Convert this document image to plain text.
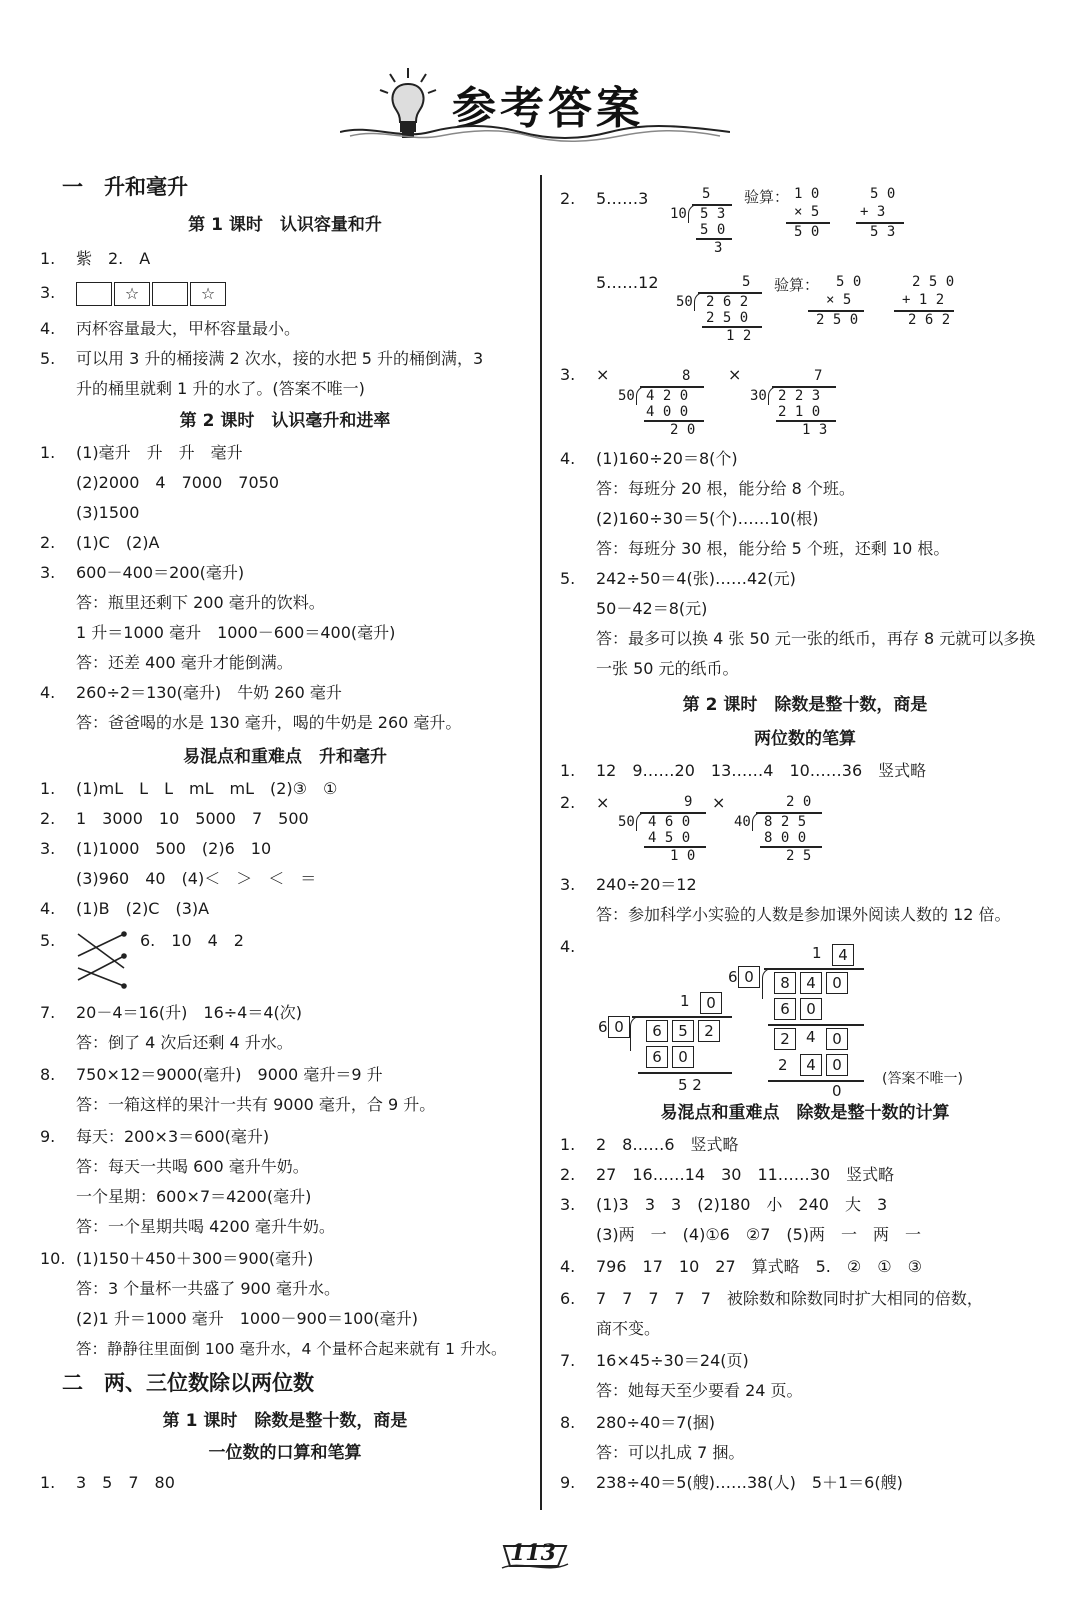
参考答案
一　升和毫升
第 1 课时　认识容量和升
1. 紫　2.　A
3.	☆	☆
4. 丙杯容量最大，甲杯容量最小。
5. 可以用 3 升的桶接满 2 次水，接的水把 5 升的桶倒满，3
升的桶里就剩 1 升的水了。(答案不唯一)
第 2 课时　认识毫升和进率
1. (1)毫升　升　升　毫升
(2)2000　4　7000　7050
(3)1500
2. (1)C　(2)A
3. 600－400＝200(毫升)
答：瓶里还剩下 200 毫升的饮料。
1 升＝1000 毫升　1000－600＝400(毫升)
答：还差 400 毫升才能倒满。
4. 260÷2＝130(毫升)　牛奶 260 毫升
答：爸爸喝的水是 130 毫升，喝的牛奶是 260 毫升。
易混点和重难点　升和毫升
1. (1)mL　L　L　mL　mL　(2)③　①
2. 1　3000　10　5000　7　500
3. (1)1000　500　(2)6　10
(3)960　40　(4)＜　＞　＜　＝
4. (1)B　(2)C　(3)A
5.	6.　10　4　2
7. 20－4＝16(升)　16÷4＝4(次)
答：倒了 4 次后还剩 4 升水。
8. 750×12＝9000(毫升)　9000 毫升＝9 升
答：一箱这样的果汁一共有 9000 毫升，合 9 升。
9. 每天：200×3＝600(毫升)
答：每天一共喝 600 毫升牛奶。
一个星期：600×7＝4200(毫升)
答：一个星期共喝 4200 毫升牛奶。
10. (1)150＋450＋300＝900(毫升)
答：3 个量杯一共盛了 900 毫升水。
(2)1 升＝1000 毫升　1000－900＝100(毫升)
答：静静往里面倒 100 毫升水，4 个量杯合起来就有 1 升水。
二　两、三位数除以两位数
第 1 课时　除数是整十数，商是
一位数的口算和笔算
1. 3　5　7　80
2. 5……3	5
10 5 3
5 0
3
验算： 1 0
× 5
5 0
5 0
+ 3
5 3
5……12	5
50 2 6 2
2 5 0
1 2
验算： 5 0
× 5
2 5 0
2 5 0
+ 1 2
2 6 2
3. ×	8
50 4 2 0
4 0 0
2 0
×	7
30 2 2 3
2 1 0
1 3
4. (1)160÷20＝8(个)
答：每班分 20 根，能分给 8 个班。
(2)160÷30＝5(个)……10(根)
答：每班分 30 根，能分给 5 个班，还剩 10 根。
5. 242÷50＝4(张)……42(元)
50－42＝8(元)
答：最多可以换 4 张 50 元一张的纸币，再存 8 元就可以多换
一张 50 元的纸币。
第 2 课时　除数是整十数，商是
两位数的笔算
1. 12　9……20　13……4　10……36　竖式略
2. ×	9
50 4 6 0
4 5 0
1 0
×	2 0
40 8 2 5
8 0 0
2 5
3. 240÷20＝12
答：参加科学小实验的人数是参加课外阅读人数的 12 倍。
4.	1	4
6 0	8	4	0
6	0
2	4	0
2	4	0
0
1	0
6 0	6	5	2
6	0
5 2	(答案不唯一)
易混点和重难点　除数是整十数的计算
1. 2　8……6　竖式略
2. 27　16……14　30　11……30　竖式略
3. (1)3　3　3　(2)180　小　240　大　3
(3)两　一　(4)①6　②7　(5)两　一　两　一
4. 796　17　10　27　算式略　5.　②　①　③
6. 7　7　7　7　7　被除数和除数同时扩大相同的倍数，
商不变。
7. 16×45÷30＝24(页)
答：她每天至少要看 24 页。
8. 280÷40＝7(捆)
答：可以扎成 7 捆。
9. 238÷40＝5(艘)……38(人)　5＋1＝6(艘)
113
